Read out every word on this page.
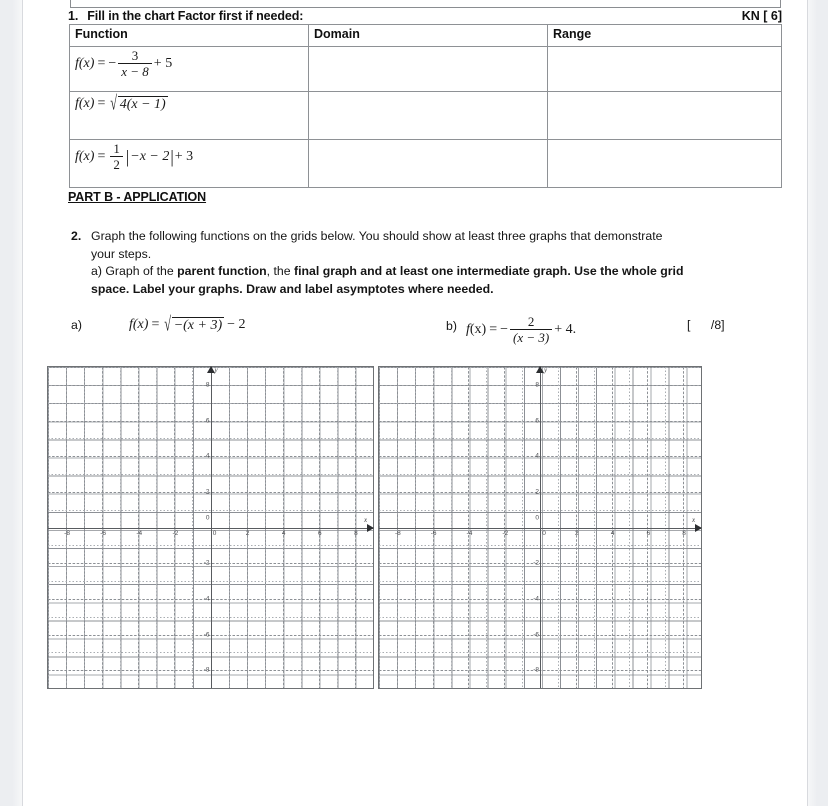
1. Fill in the chart Factor first if needed:	KN [ 6]
Function	Domain	Range

f(x) = − $\frac{3}{x - 8} + 5$

f(x) = √ 4(x − 1)		

$f(x) = \frac{1}{2}$ | −x − 2 | + 3

PART B - APPLICATION
2. Graph the following functions on the grids below. You should show at least three graphs that demonstrate
your steps.
a) Graph of the parent function, the final graph and at least one intermediate graph. Use the whole grid
space. Label your graphs. Draw and label asymptotes where needed.
a)	f(x) = √ −(x + 3) − 2	b) f (x) = − $\frac{2}{(x - 3)} + 4$.	[      /8]
y
x
-8	-6	-4	-2	0	2	4	6	8
8
6
4
2
-2
-4
-6
-8
0
y
x
-8	-6	-4	-2	0	2	4	6	8
8
6
4
2
-2
-4
-6
-8
0
